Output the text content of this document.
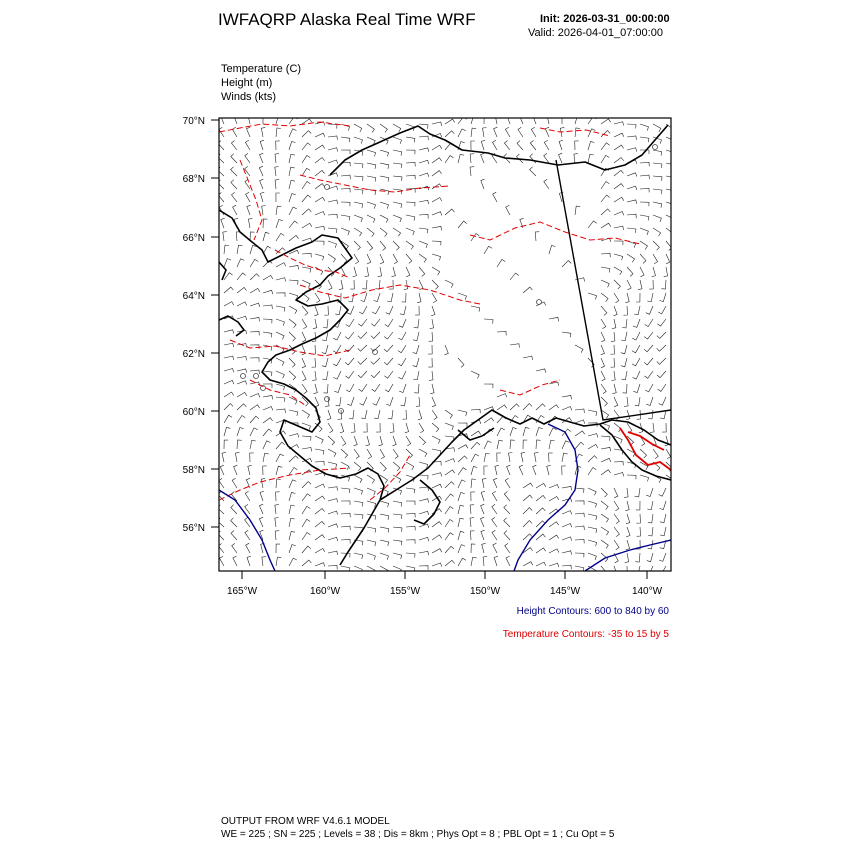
IWFAQRP Alaska Real Time WRF	Init: 2026-03-31_00:00:00
Valid: 2026-04-01_07:00:00
Temperature (C)
Height (m)
Winds (kts)
70°N
68°N
66°N
64°N
62°N
60°N
58°N
56°N
165°W	160°W	155°W	150°W	145°W	140°W
Height Contours: 600 to 840 by 60
Temperature Contours: -35 to 15 by 5
OUTPUT FROM WRF V4.6.1 MODEL
WE = 225 ; SN = 225 ; Levels = 38 ; Dis = 8km ; Phys Opt = 8 ; PBL Opt = 1 ; Cu Opt = 5
